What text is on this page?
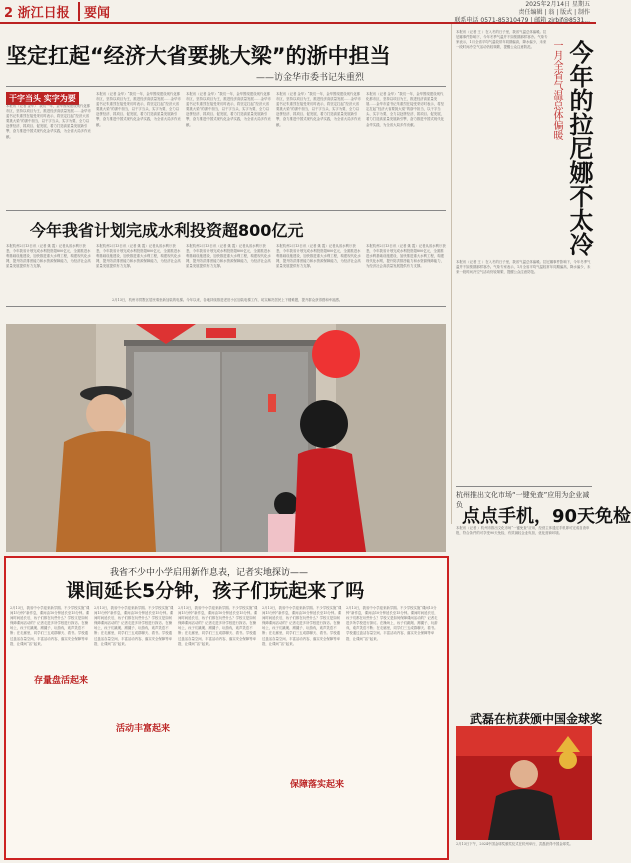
2 浙江日报	要闻
2025年2月14日 星期五
责任编辑 | 翁 | 版式 | 制作
联系电话 0571-85310479 | 邮箱 zjrbjf@8531...
坚定扛起“经济大省要挑大梁”的浙中担当
——访金华市委书记朱重烈
干字当头 实字为要
本报讯（记者 金华）“我们一年，金华围绕建设现代化都市区，坚持以项目为王，推进经济高质量发展……金华市委书记朱重烈在接受采访时表示，将坚定扛起“经济大省要挑大梁”的浙中担当，以干字当头、实字为要，全力以赴拼经济、抓项目、促发展，着力打造高质量发展新引擎，奋力推进中国式现代化金华实践，为全省大局多作贡献。
本报讯（记者 金华）“我们一年，金华围绕建设现代化都市区，坚持以项目为王，推进经济高质量发展……金华市委书记朱重烈在接受采访时表示，将坚定扛起“经济大省要挑大梁”的浙中担当，以干字当头、实字为要，全力以赴拼经济、抓项目、促发展，着力打造高质量发展新引擎，奋力推进中国式现代化金华实践，为全省大局多作贡献。
本报讯（记者 金华）“我们一年，金华围绕建设现代化都市区，坚持以项目为王，推进经济高质量发展……金华市委书记朱重烈在接受采访时表示，将坚定扛起“经济大省要挑大梁”的浙中担当，以干字当头、实字为要，全力以赴拼经济、抓项目、促发展，着力打造高质量发展新引擎，奋力推进中国式现代化金华实践，为全省大局多作贡献。
本报讯（记者 金华）“我们一年，金华围绕建设现代化都市区，坚持以项目为王，推进经济高质量发展……金华市委书记朱重烈在接受采访时表示，将坚定扛起“经济大省要挑大梁”的浙中担当，以干字当头、实字为要，全力以赴拼经济、抓项目、促发展，着力打造高质量发展新引擎，奋力推进中国式现代化金华实践，为全省大局多作贡献。
本报讯（记者 金华）“我们一年，金华围绕建设现代化都市区，坚持以项目为王，推进经济高质量发展……金华市委书记朱重烈在接受采访时表示，将坚定扛起“经济大省要挑大梁”的浙中担当，以干字当头、实字为要，全力以赴拼经济、抓项目、促发展，着力打造高质量发展新引擎，奋力推进中国式现代化金华实践，为全省大局多作贡献。
今年我省计划完成水利投资超800亿元
本报杭州2月13日讯（记者 姚 霞）记者从省水利厅获悉，今年我省计划完成水利投资超800亿元，全面推进水利基础设施建设，加快推进重大水利工程，构建现代化水网，提升防洪排涝能力和水资源保障能力，为经济社会高质量发展提供有力支撑。
本报杭州2月13日讯（记者 姚 霞）记者从省水利厅获悉，今年我省计划完成水利投资超800亿元，全面推进水利基础设施建设，加快推进重大水利工程，构建现代化水网，提升防洪排涝能力和水资源保障能力，为经济社会高质量发展提供有力支撑。
本报杭州2月13日讯（记者 姚 霞）记者从省水利厅获悉，今年我省计划完成水利投资超800亿元，全面推进水利基础设施建设，加快推进重大水利工程，构建现代化水网，提升防洪排涝能力和水资源保障能力，为经济社会高质量发展提供有力支撑。
本报杭州2月13日讯（记者 姚 霞）记者从省水利厅获悉，今年我省计划完成水利投资超800亿元，全面推进水利基础设施建设，加快推进重大水利工程，构建现代化水网，提升防洪排涝能力和水资源保障能力，为经济社会高质量发展提供有力支撑。
本报杭州2月13日讯（记者 姚 霞）记者从省水利厅获悉，今年我省计划完成水利投资超800亿元，全面推进水利基础设施建设，加快推进重大水利工程，构建现代化水网，提升防洪排涝能力和水资源保障能力，为经济社会高质量发展提供有力支撑。
2月13日，杭州市拱墅区居民乘坐新加装的电梯。今年以来，各地持续推进老旧小区加装电梯工作，切实解决居民上下楼难题，提升群众获得感和幸福感。
本报讯（记者 王 ）在入冬的日子里，我省气温总体偏暖。拉尼娜事件影响下，今年冬季气温并不如预期那样寒冷。气象专家表示，1月全省平均气温较常年同期偏高，降水偏少，未来一段时间冷空气活动仍较频繁，提醒公众注意防范。	一月全省气温总体偏暖 今年的拉尼娜不太冷
本报讯（记者 王 ）在入冬的日子里，我省气温总体偏暖。拉尼娜事件影响下，今年冬季气温并不如预期那样寒冷。气象专家表示，1月全省平均气温较常年同期偏高，降水偏少，未来一段时间冷空气活动仍较频繁，提醒公众注意防范。
杭州推出文化市场“一键免查”应用为企业减负
点点手机，90天免检
本报讯（记者 ）杭州市推出文化市场“一键免查”应用，经营主体通过手机即可完成自查申报，符合条件的可享受90天免检，有效减轻企业负担，优化营商环境。
武磊在杭获颁中国金球奖
2月13日下午，2024中国金球奖颁奖仪式在杭州举行，武磊获得中国金球奖。
我省不少中小学启用新作息表，记者实地探访——
课间延长5分钟，孩子们玩起来了吗
2月13日，我省中小学迎来新学期。不少学校实施“课间15分钟”新作息，课间由10分钟延长至15分钟。课间时间延长后，孩子们都在玩些什么？学校又是如何保障课间活动的？记者走进多所学校进行探访。在操场上，孩子们跳绳、踢毽子、玩游戏，欢声笑语不断；在走廊里，同学们三五成群聊天、看书。学校通过盘活存量空间、丰富活动内容、落实安全保障等举措，让课间“活”起来。
2月13日，我省中小学迎来新学期。不少学校实施“课间15分钟”新作息，课间由10分钟延长至15分钟。课间时间延长后，孩子们都在玩些什么？学校又是如何保障课间活动的？记者走进多所学校进行探访。在操场上，孩子们跳绳、踢毽子、玩游戏，欢声笑语不断；在走廊里，同学们三五成群聊天、看书。学校通过盘活存量空间、丰富活动内容、落实安全保障等举措，让课间“活”起来。
2月13日，我省中小学迎来新学期。不少学校实施“课间15分钟”新作息，课间由10分钟延长至15分钟。课间时间延长后，孩子们都在玩些什么？学校又是如何保障课间活动的？记者走进多所学校进行探访。在操场上，孩子们跳绳、踢毽子、玩游戏，欢声笑语不断；在走廊里，同学们三五成群聊天、看书。学校通过盘活存量空间、丰富活动内容、落实安全保障等举措，让课间“活”起来。
2月13日，我省中小学迎来新学期。不少学校实施“课间15分钟”新作息，课间由10分钟延长至15分钟。课间时间延长后，孩子们都在玩些什么？学校又是如何保障课间活动的？记者走进多所学校进行探访。在操场上，孩子们跳绳、踢毽子、玩游戏，欢声笑语不断；在走廊里，同学们三五成群聊天、看书。学校通过盘活存量空间、丰富活动内容、落实安全保障等举措，让课间“活”起来。
2月13日，我省中小学迎来新学期。不少学校实施“课间15分钟”新作息，课间由10分钟延长至15分钟。课间时间延长后，孩子们都在玩些什么？学校又是如何保障课间活动的？记者走进多所学校进行探访。在操场上，孩子们跳绳、踢毽子、玩游戏，欢声笑语不断；在走廊里，同学们三五成群聊天、看书。学校通过盘活存量空间、丰富活动内容、落实安全保障等举措，让课间“活”起来。
存量盘活起来
活动丰富起来
保障落实起来
